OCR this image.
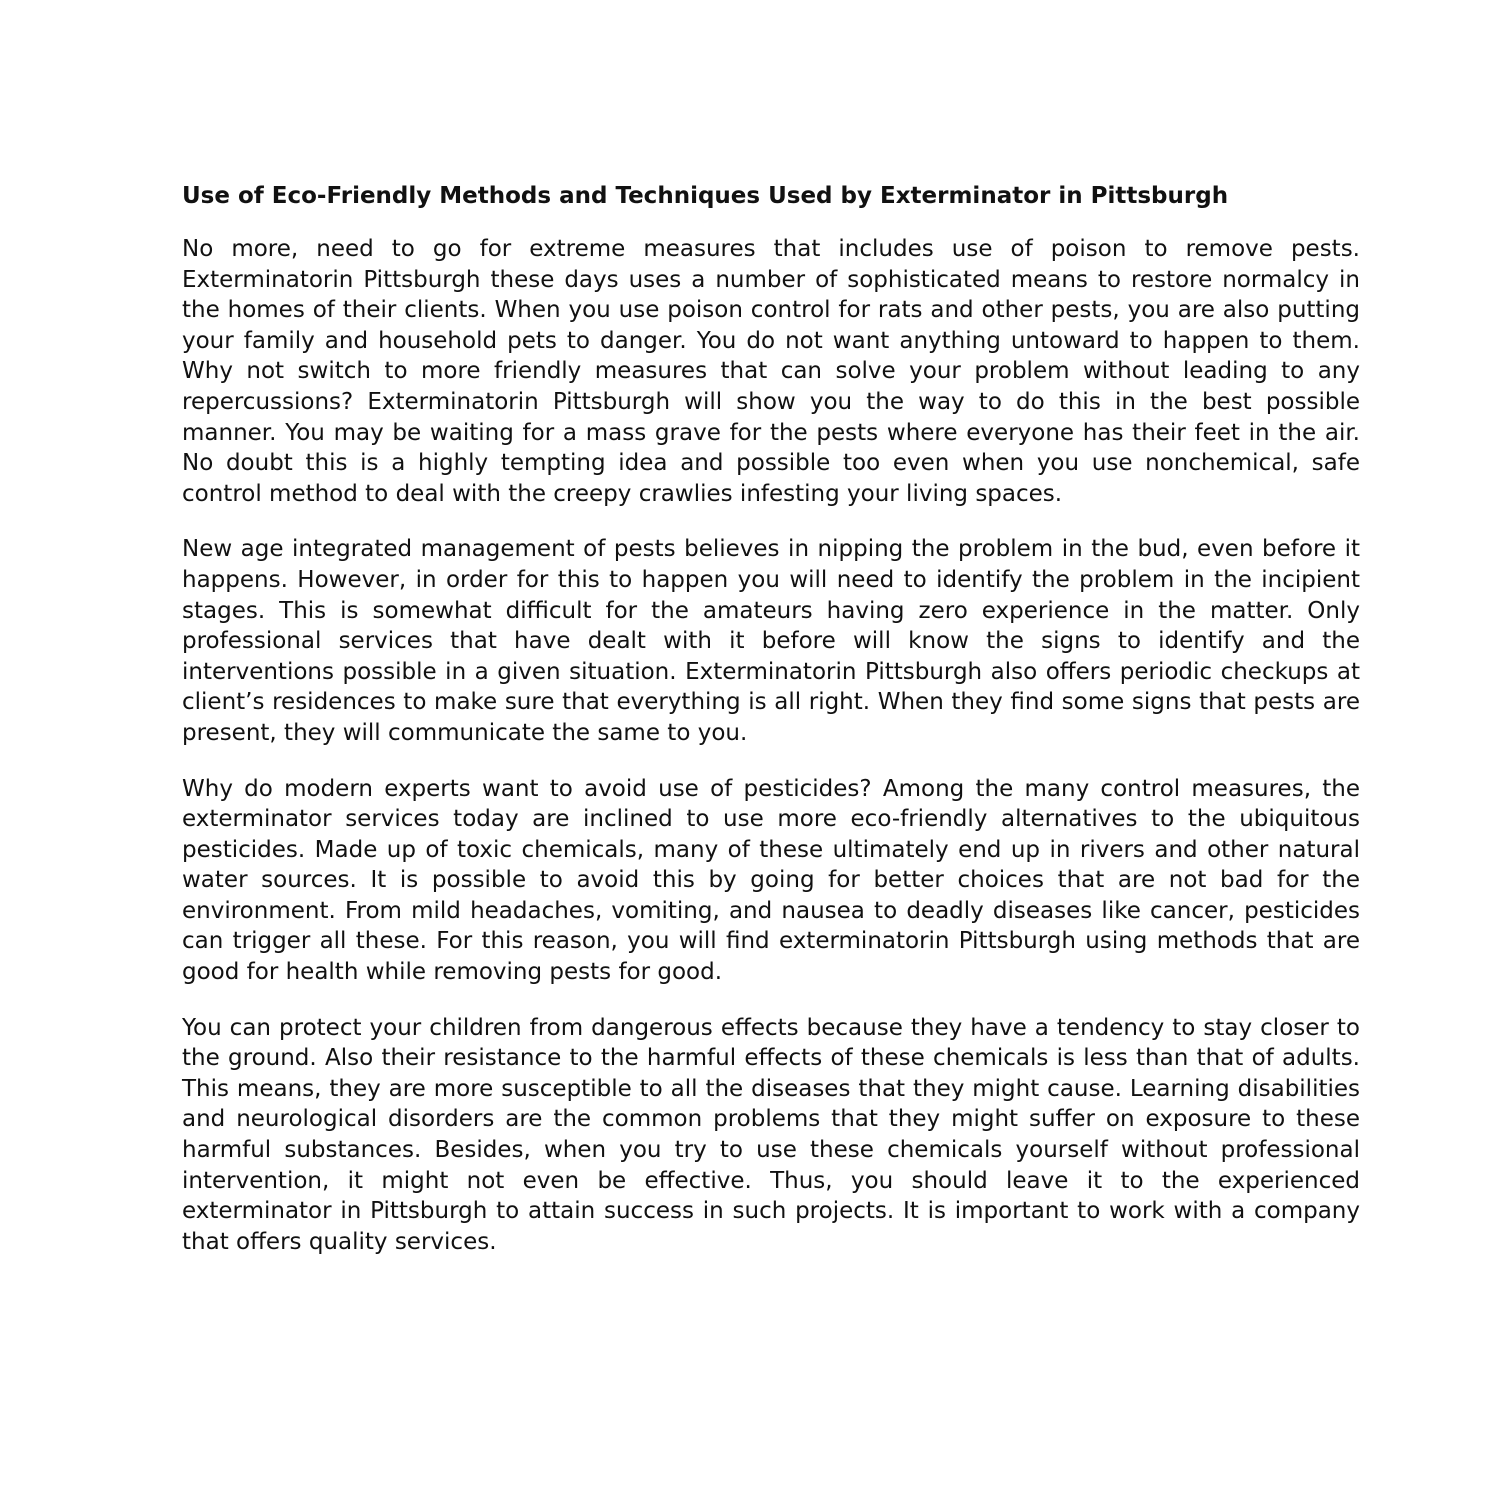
Use of Eco-Friendly Methods and Techniques Used by Exterminator in Pittsburgh

No more, need to go for extreme measures that includes use of poison to remove pests. Exterminatorin Pittsburgh these days uses a number of sophisticated means to restore normalcy in the homes of their clients. When you use poison control for rats and other pests, you are also putting your family and household pets to danger. You do not want anything untoward to happen to them. Why not switch to more friendly measures that can solve your problem without leading to any repercussions? Exterminatorin Pittsburgh will show you the way to do this in the best possible manner. You may be waiting for a mass grave for the pests where everyone has their feet in the air. No doubt this is a highly tempting idea and possible too even when you use nonchemical, safe control method to deal with the creepy crawlies infesting your living spaces.

New age integrated management of pests believes in nipping the problem in the bud, even before it happens. However, in order for this to happen you will need to identify the problem in the incipient stages. This is somewhat difficult for the amateurs having zero experience in the matter. Only professional services that have dealt with it before will know the signs to identify and the interventions possible in a given situation. Exterminatorin Pittsburgh also offers periodic checkups at client’s residences to make sure that everything is all right. When they find some signs that pests are present, they will communicate the same to you.

Why do modern experts want to avoid use of pesticides? Among the many control measures, the exterminator services today are inclined to use more eco-friendly alternatives to the ubiquitous pesticides. Made up of toxic chemicals, many of these ultimately end up in rivers and other natural water sources. It is possible to avoid this by going for better choices that are not bad for the environment. From mild headaches, vomiting, and nausea to deadly diseases like cancer, pesticides can trigger all these. For this reason, you will find exterminatorin Pittsburgh using methods that are good for health while removing pests for good.

You can protect your children from dangerous effects because they have a tendency to stay closer to the ground. Also their resistance to the harmful effects of these chemicals is less than that of adults. This means, they are more susceptible to all the diseases that they might cause. Learning disabilities and neurological disorders are the common problems that they might suffer on exposure to these harmful substances. Besides, when you try to use these chemicals yourself without professional intervention, it might not even be effective. Thus, you should leave it to the experienced exterminator in Pittsburgh to attain success in such projects. It is important to work with a company that offers quality services.
